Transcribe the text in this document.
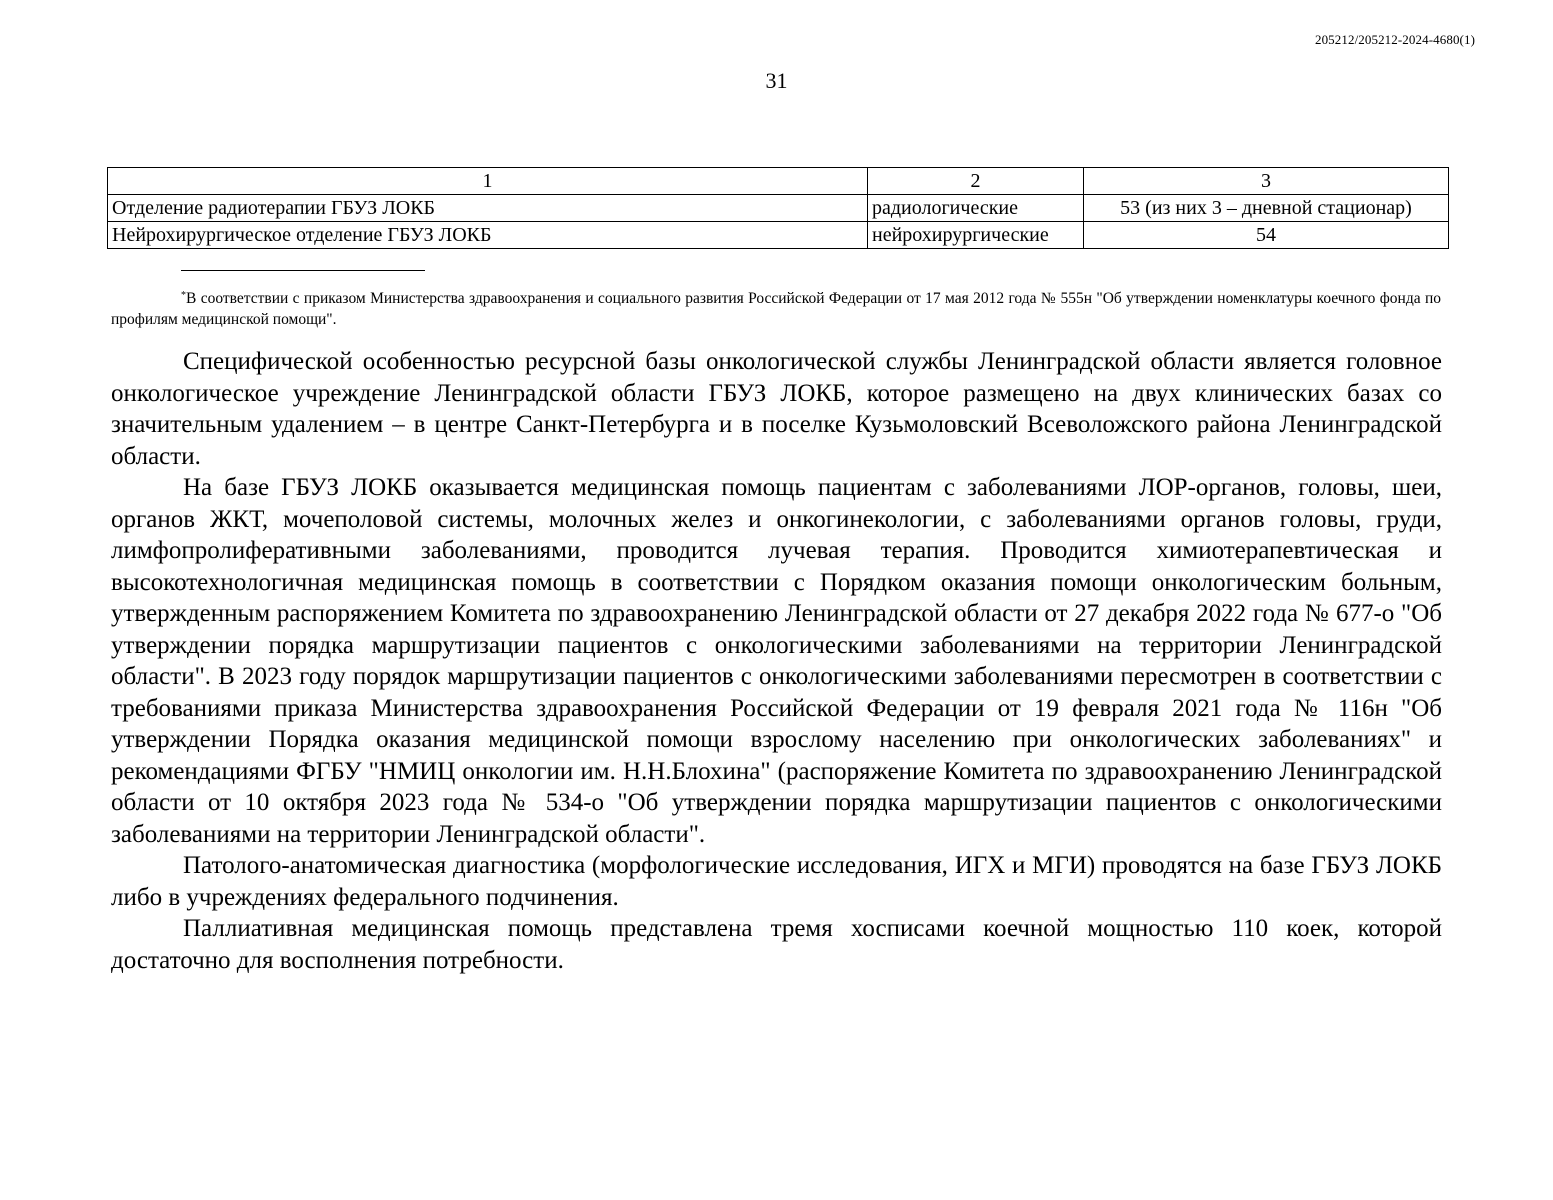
205212/205212-2024-4680(1)
31
1	2	3
Отделение радиотерапии ГБУЗ ЛОКБ	радиологические	53 (из них 3 – дневной стационар)
Нейрохирургическое отделение ГБУЗ ЛОКБ	нейрохирургические	54
*В соответствии с приказом Министерства здравоохранения и социального развития Российской Федерации от 17 мая 2012 года № 555н "Об утверждении номенклатуры коечного фонда по профилям медицинской помощи".

Специфической особенностью ресурсной базы онкологической службы Ленинградской области является головное онкологическое учреждение Ленинградской области ГБУЗ ЛОКБ, которое размещено на двух клинических базах со значительным удалением – в центре Санкт-Петербурга и в поселке Кузьмоловский Всеволожского района Ленинградской области.

На базе ГБУЗ ЛОКБ оказывается медицинская помощь пациентам с заболеваниями ЛОР-органов, головы, шеи, органов ЖКТ, мочеполовой системы, молочных желез и онкогинекологии, с заболеваниями органов головы, груди, лимфопролиферативными заболеваниями, проводится лучевая терапия. Проводится химиотерапевтическая и высокотехнологичная медицинская помощь в соответствии с Порядком оказания помощи онкологическим больным, утвержденным распоряжением Комитета по здравоохранению Ленинградской области от 27 декабря 2022 года № 677-о "Об утверждении порядка маршрутизации пациентов с онкологическими заболеваниями на территории Ленинградской области". В 2023 году порядок маршрутизации пациентов с онкологическими заболеваниями пересмотрен в соответствии с требованиями приказа Министерства здравоохранения Российской Федерации от 19 февраля 2021 года № 116н "Об утверждении Порядка оказания медицинской помощи взрослому населению при онкологических заболеваниях" и рекомендациями ФГБУ "НМИЦ онкологии им. Н.Н.Блохина" (распоряжение Комитета по здравоохранению Ленинградской области от 10 октября 2023 года № 534-о "Об утверждении порядка маршрутизации пациентов с онкологическими заболеваниями на территории Ленинградской области".

Патолого-анатомическая диагностика (морфологические исследования, ИГХ и МГИ) проводятся на базе ГБУЗ ЛОКБ либо в учреждениях федерального подчинения.

Паллиативная медицинская помощь представлена тремя хосписами коечной мощностью 110 коек, которой достаточно для восполнения потребности.
